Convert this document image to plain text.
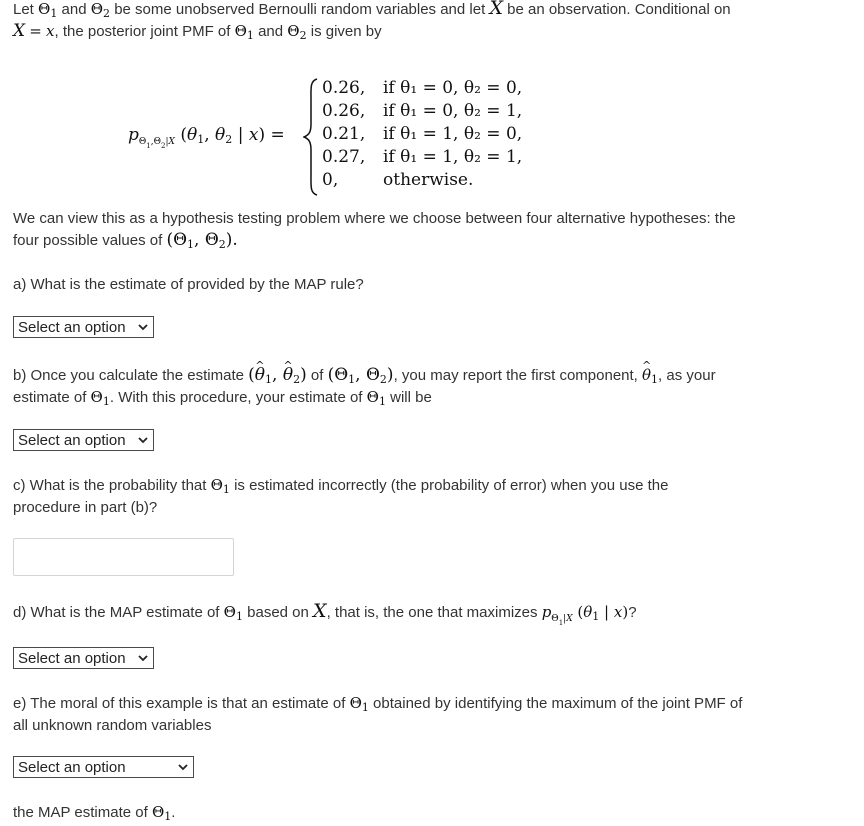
Let $\Theta_1$ and $\Theta_2$ be some unobserved Bernoulli random variables and let X be an observation. Conditional on
X = x, the posterior joint PMF of $\Theta_1$ and $\Theta_2$ is given by

$p_{\Theta_1,\Theta_2|X}$ ($\theta_1$, $\theta_2$ | x) =
0.26, if θ₁ = 0, θ₂ = 0,
0.26, if θ₁ = 0, θ₂ = 1,
0.21, if θ₁ = 1, θ₂ = 0,
0.27, if θ₁ = 1, θ₂ = 1,
0,	otherwise.

We can view this as a hypothesis testing problem where we choose between four alternative hypotheses: the
four possible values of ($\Theta_1$, $\Theta_2$).

a) What is the estimate of provided by the MAP rule?

Select an option

b) Once you calculate the estimate (^ $\theta_1$, ^ $\theta_2$) of ($\Theta_1$, $\Theta_2$), you may report the first component, ^ $\theta_1$, as your
estimate of $\Theta_1$. With this procedure, your estimate of $\Theta_1$ will be

Select an option

c) What is the probability that $\Theta_1$ is estimated incorrectly (the probability of error) when you use the
procedure in part (b)?

d) What is the MAP estimate of $\Theta_1$ based on X, that is, the one that maximizes $p_{\Theta_1|X}$ ($\theta_1$ | x)?

Select an option

e) The moral of this example is that an estimate of $\Theta_1$ obtained by identifying the maximum of the joint PMF of
all unknown random variables

Select an option

the MAP estimate of $\Theta_1$.
